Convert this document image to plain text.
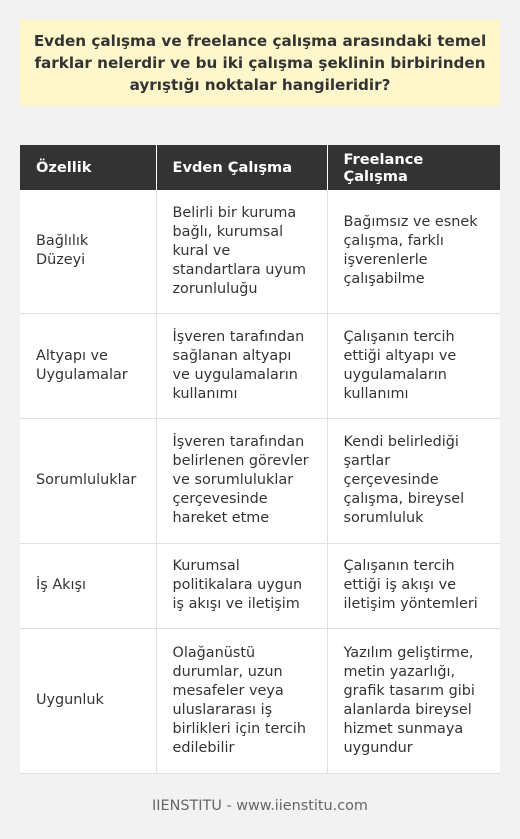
Evden çalışma ve freelance çalışma arasındaki temel farklar nelerdir ve bu iki çalışma şeklinin birbirinden ayrıştığı noktalar hangileridir?
Özellik	Evden Çalışma	Freelance Çalışma
Bağlılık Düzeyi	Belirli bir kuruma bağlı, kurumsal kural ve standartlara uyum zorunluluğu	Bağımsız ve esnek çalışma, farklı işverenlerle çalışabilme
Altyapı ve Uygulamalar	İşveren tarafından sağlanan altyapı ve uygulamaların kullanımı	Çalışanın tercih ettiği altyapı ve uygulamaların kullanımı
Sorumluluklar	İşveren tarafından belirlenen görevler ve sorumluluklar çerçevesinde hareket etme	Kendi belirlediği şartlar çerçevesinde çalışma, bireysel sorumluluk
İş Akışı	Kurumsal politikalara uygun iş akışı ve iletişim	Çalışanın tercih ettiği iş akışı ve iletişim yöntemleri
Uygunluk	Olağanüstü durumlar, uzun mesafeler veya uluslararası iş birlikleri için tercih edilebilir	Yazılım geliştirme, metin yazarlığı, grafik tasarım gibi alanlarda bireysel hizmet sunmaya uygundur
IIENSTITU - www.iienstitu.com
